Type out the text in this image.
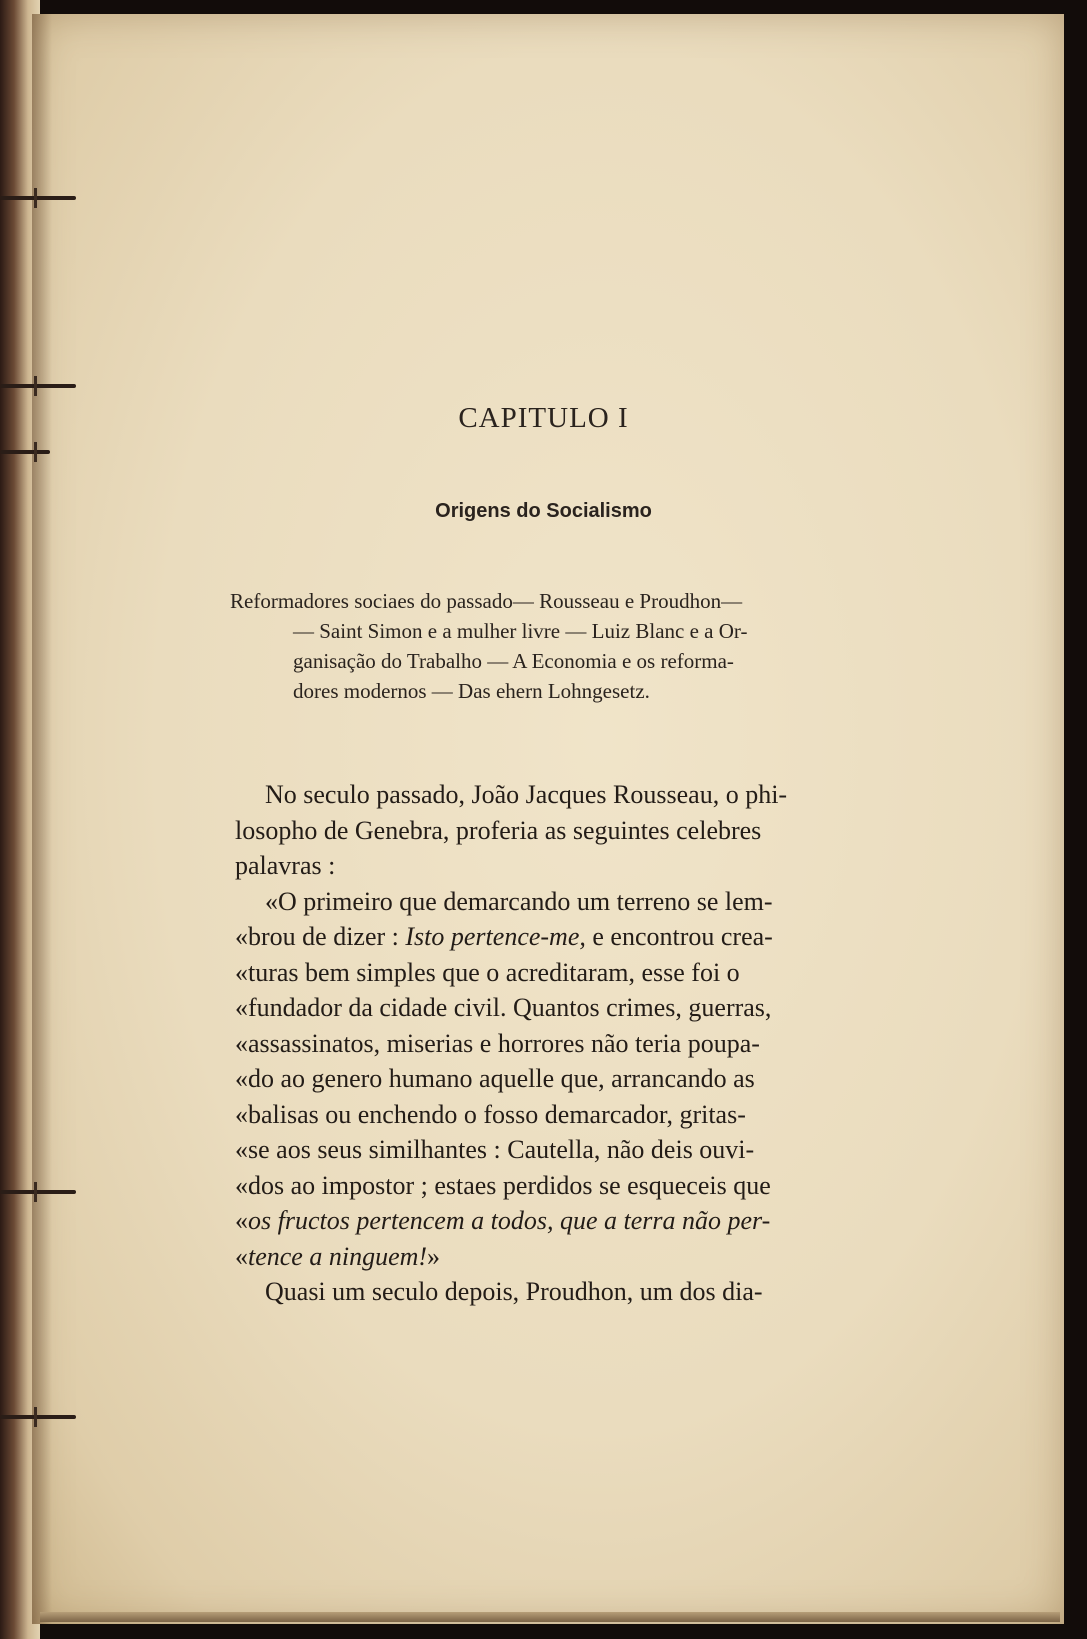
CAPITULO I
Origens do Socialismo
Reformadores sociaes do passado— Rousseau e Proudhon—
— Saint Simon e a mulher livre — Luiz Blanc e a Or-
ganisação do Trabalho — A Economia e os reforma-
dores modernos — Das ehern Lohngesetz.
No seculo passado, João Jacques Rousseau, o phi-
losopho de Genebra, proferia as seguintes celebres
palavras :
«O primeiro que demarcando um terreno se lem-
«brou de dizer : Isto pertence-me, e encontrou crea-
«turas bem simples que o acreditaram, esse foi o
«fundador da cidade civil. Quantos crimes, guerras,
«assassinatos, miserias e horrores não teria poupa-
«do ao genero humano aquelle que, arrancando as
«balisas ou enchendo o fosso demarcador, gritas-
«se aos seus similhantes : Cautella, não deis ouvi-
«dos ao impostor ; estaes perdidos se esqueceis que
«os fructos pertencem a todos, que a terra não per-
«tence a ninguem!»
Quasi um seculo depois, Proudhon, um dos dia-
